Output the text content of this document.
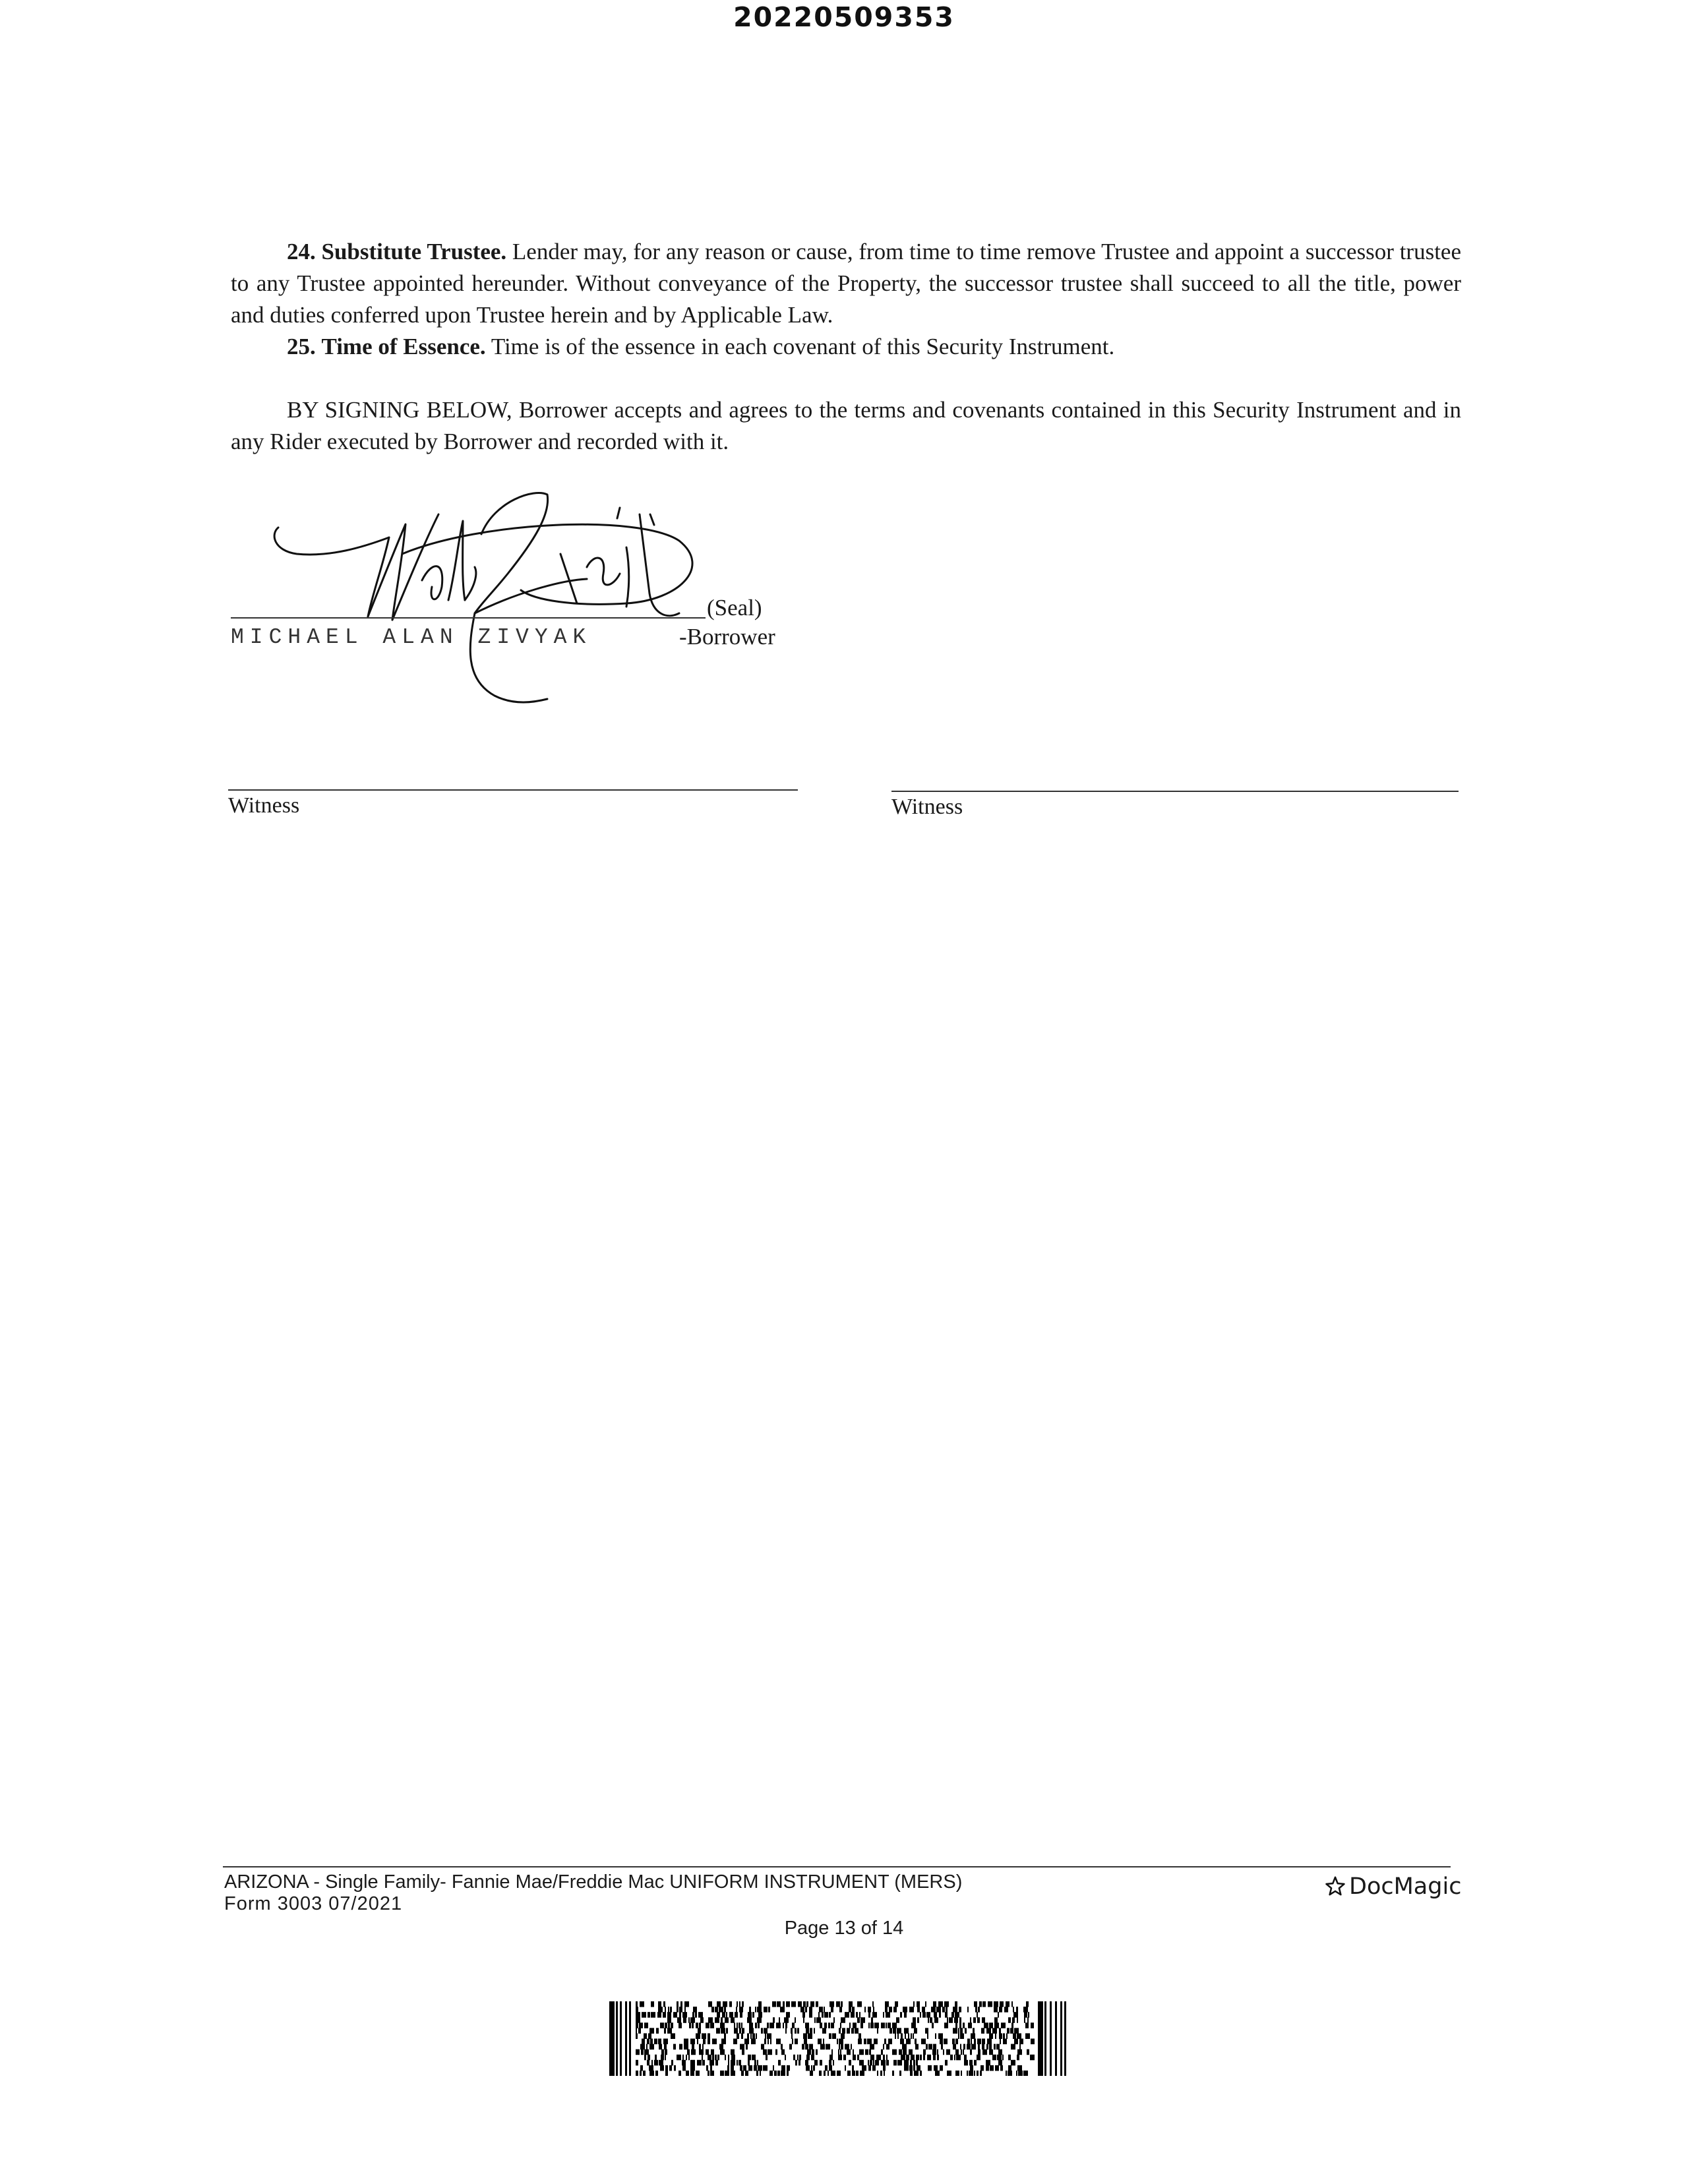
20220509353

24. Substitute Trustee. Lender may, for any reason or cause, from time to time remove Trustee and appoint a successor trustee to any Trustee appointed hereunder. Without conveyance of the Property, the successor trustee shall succeed to all the title, power and duties conferred upon Trustee herein and by Applicable Law.

25. Time of Essence. Time is of the essence in each covenant of this Security Instrument.

BY SIGNING BELOW, Borrower accepts and agrees to the terms and covenants contained in this Security Instrument and in any Rider executed by Borrower and recorded with it.

(Seal)
MICHAEL ALAN ZIVYAK	-Borrower
Witness	Witness
ARIZONA - Single Family- Fannie Mae/Freddie Mac UNIFORM INSTRUMENT (MERS)
Form 3003 07/2021
DocMagic
Page 13 of 14
